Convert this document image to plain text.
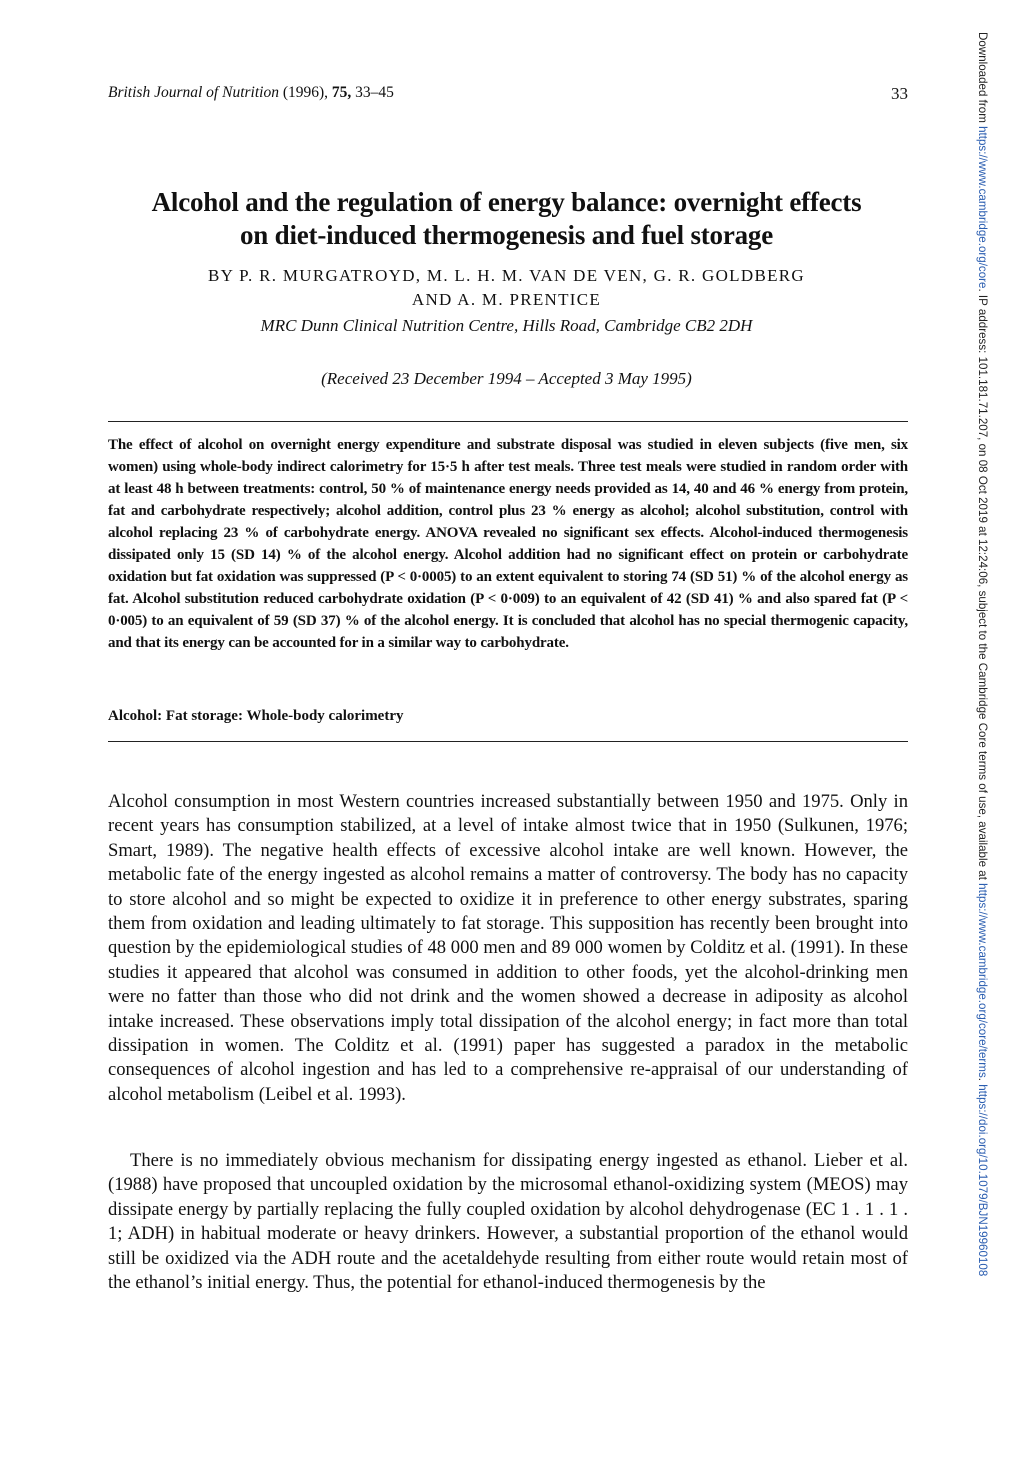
British Journal of Nutrition (1996), 75, 33–45	33	Downloaded from https://www.cambridge.org/core. IP address: 101.181.71.207, on 08 Oct 2019 at 12:24:06, subject to the Cambridge Core terms of use, available at https://www.cambridge.org/core/terms. https://doi.org/10.1079/BJN19960108
Alcohol and the regulation of energy balance: overnight effects
on diet-induced thermogenesis and fuel storage
BY P. R. MURGATROYD, M. L. H. M. VAN DE VEN, G. R. GOLDBERG
AND A. M. PRENTICE
MRC Dunn Clinical Nutrition Centre, Hills Road, Cambridge CB2 2DH
(Received 23 December 1994 – Accepted 3 May 1995)
The effect of alcohol on overnight energy expenditure and substrate disposal was studied in eleven subjects (five men, six women) using whole-body indirect calorimetry for 15·5 h after test meals. Three test meals were studied in random order with at least 48 h between treatments: control, 50 % of maintenance energy needs provided as 14, 40 and 46 % energy from protein, fat and carbohydrate respectively; alcohol addition, control plus 23 % energy as alcohol; alcohol substitution, control with alcohol replacing 23 % of carbohydrate energy. ANOVA revealed no significant sex effects. Alcohol-induced thermogenesis dissipated only 15 (SD 14) % of the alcohol energy. Alcohol addition had no significant effect on protein or carbohydrate oxidation but fat oxidation was suppressed (P < 0·0005) to an extent equivalent to storing 74 (SD 51) % of the alcohol energy as fat. Alcohol substitution reduced carbohydrate oxidation (P < 0·009) to an equivalent of 42 (SD 41) % and also spared fat (P < 0·005) to an equivalent of 59 (SD 37) % of the alcohol energy. It is concluded that alcohol has no special thermogenic capacity, and that its energy can be accounted for in a similar way to carbohydrate.
Alcohol: Fat storage: Whole-body calorimetry
Alcohol consumption in most Western countries increased substantially between 1950 and 1975. Only in recent years has consumption stabilized, at a level of intake almost twice that in 1950 (Sulkunen, 1976; Smart, 1989). The negative health effects of excessive alcohol intake are well known. However, the metabolic fate of the energy ingested as alcohol remains a matter of controversy. The body has no capacity to store alcohol and so might be expected to oxidize it in preference to other energy substrates, sparing them from oxidation and leading ultimately to fat storage. This supposition has recently been brought into question by the epidemiological studies of 48 000 men and 89 000 women by Colditz et al. (1991). In these studies it appeared that alcohol was consumed in addition to other foods, yet the alcohol-drinking men were no fatter than those who did not drink and the women showed a decrease in adiposity as alcohol intake increased. These observations imply total dissipation of the alcohol energy; in fact more than total dissipation in women. The Colditz et al. (1991) paper has suggested a paradox in the metabolic consequences of alcohol ingestion and has led to a comprehensive re-appraisal of our understanding of alcohol metabolism (Leibel et al. 1993).
There is no immediately obvious mechanism for dissipating energy ingested as ethanol. Lieber et al. (1988) have proposed that uncoupled oxidation by the microsomal ethanol-oxidizing system (MEOS) may dissipate energy by partially replacing the fully coupled oxidation by alcohol dehydrogenase (EC 1 . 1 . 1 . 1; ADH) in habitual moderate or heavy drinkers. However, a substantial proportion of the ethanol would still be oxidized via the ADH route and the acetaldehyde resulting from either route would retain most of the ethanol’s initial energy. Thus, the potential for ethanol-induced thermogenesis by the
